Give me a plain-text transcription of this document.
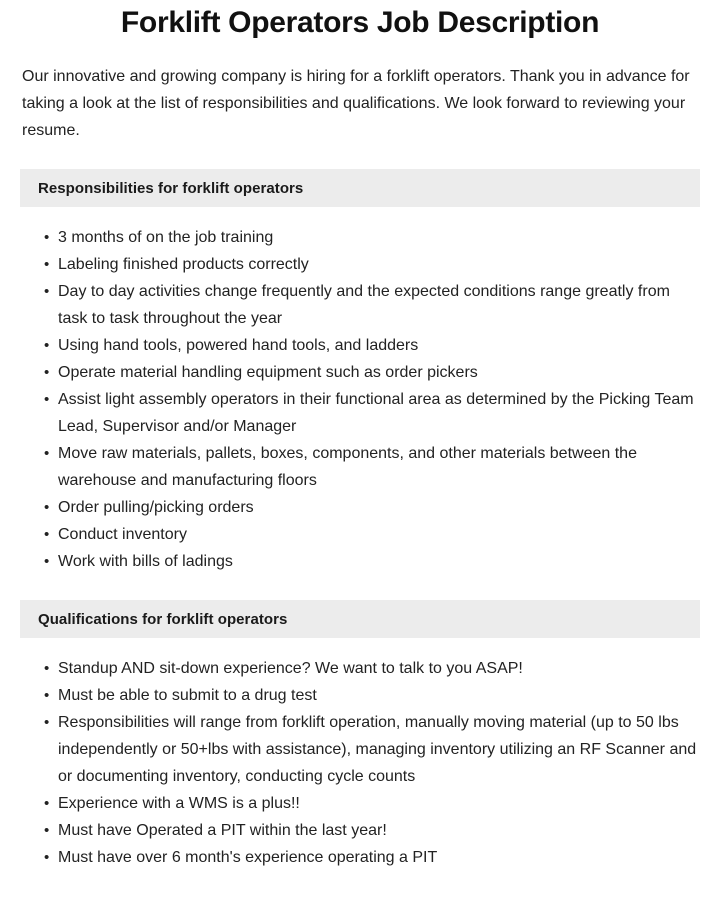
Forklift Operators Job Description

Our innovative and growing company is hiring for a forklift operators. Thank you in advance for taking a look at the list of responsibilities and qualifications. We look forward to reviewing your resume.

Responsibilities for forklift operators
• 3 months of on the job training
• Labeling finished products correctly
• Day to day activities change frequently and the expected conditions range greatly from task to task throughout the year
• Using hand tools, powered hand tools, and ladders
• Operate material handling equipment such as order pickers
• Assist light assembly operators in their functional area as determined by the Picking Team Lead, Supervisor and/or Manager
• Move raw materials, pallets, boxes, components, and other materials between the warehouse and manufacturing floors
• Order pulling/picking orders
• Conduct inventory
• Work with bills of ladings
Qualifications for forklift operators
• Standup AND sit-down experience? We want to talk to you ASAP!
• Must be able to submit to a drug test
• Responsibilities will range from forklift operation, manually moving material (up to 50 lbs independently or 50+lbs with assistance), managing inventory utilizing an RF Scanner and or documenting inventory, conducting cycle counts
• Experience with a WMS is a plus!!
• Must have Operated a PIT within the last year!
• Must have over 6 month's experience operating a PIT
